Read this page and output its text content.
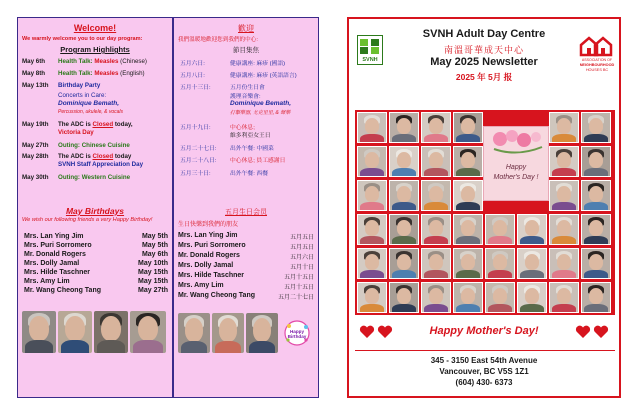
Welcome!
We warmly welcome you to our day program:
Program Highlights
May 6th Health Talk: Measles (Chinese)
May 8th Health Talk: Measles (English)
May 13th Birthday Party
Concerts in Care:
Dominique Bemath,
Percussion, ukulele, & vocals
May 19th The ADC is Closed today,
Victoria Day
May 27th Outing: Chinese Cuisine
May 28th The ADC is Closed today
SVNH Staff Appreciation Day
May 30th Outing: Western Cuisine
May Birthdays
We wish our following friends a very Happy Birthday!
Mrs. Lan Ying Jim	May 5th
Mrs. Puri Sorromero	May 5th
Mr. Donald Rogers	May 6th
Mrs. Dolly Jamal	May 10th
Mrs. Hilde Taschner	May 15th
Mrs. Amy Lim	May 15th
Mr. Wang Cheong Tang	May 27th
歡迎
我們溫暖地歡迎您到我們的中心:
節目集焦
五月六日:	健康講座: 麻疹 (國語)
五月八日:	健康講座: 麻疹 (英語語言)
五月十三日:	五月份生日會
護理音樂會:
Dominique Bemath,
打擊樂器, 尤克里里, & 聲樂
五月十九日:	中心休息;
維多利亞女王日
五月二十七日: 出外午餐: 中國菜
五月二十八日: 中心休息; 員工感謝日
五月三十日:	出外午餐: 西餐
五月生日会员
生日快樂到我們的朋友
Mrs. Lan Ying Jim	五月五日
Mrs. Puri Sorromero	五月五日
Mr. Donald Rogers	五月六日
Mrs. Dolly Jamal	五月十日
Mrs. Hilde Taschner	五月十五日
Mrs. Amy Lim	五月十五日
Mr. Wang Cheong Tang	五月二十七日
Happy Birthday
SVNH
SVNH Adult Day Centre
南溫哥華成天中心
May 2025 Newsletter
2025 年 5月 报
ASSOCIATION OF
NEIGHBOURHOOD
HOUSES BC
Happy
Mother's Day !
Happy Mother's Day!
345 - 3150 East 54th Avenue
Vancouver, BC V5S 1Z1
(604) 430- 6373
